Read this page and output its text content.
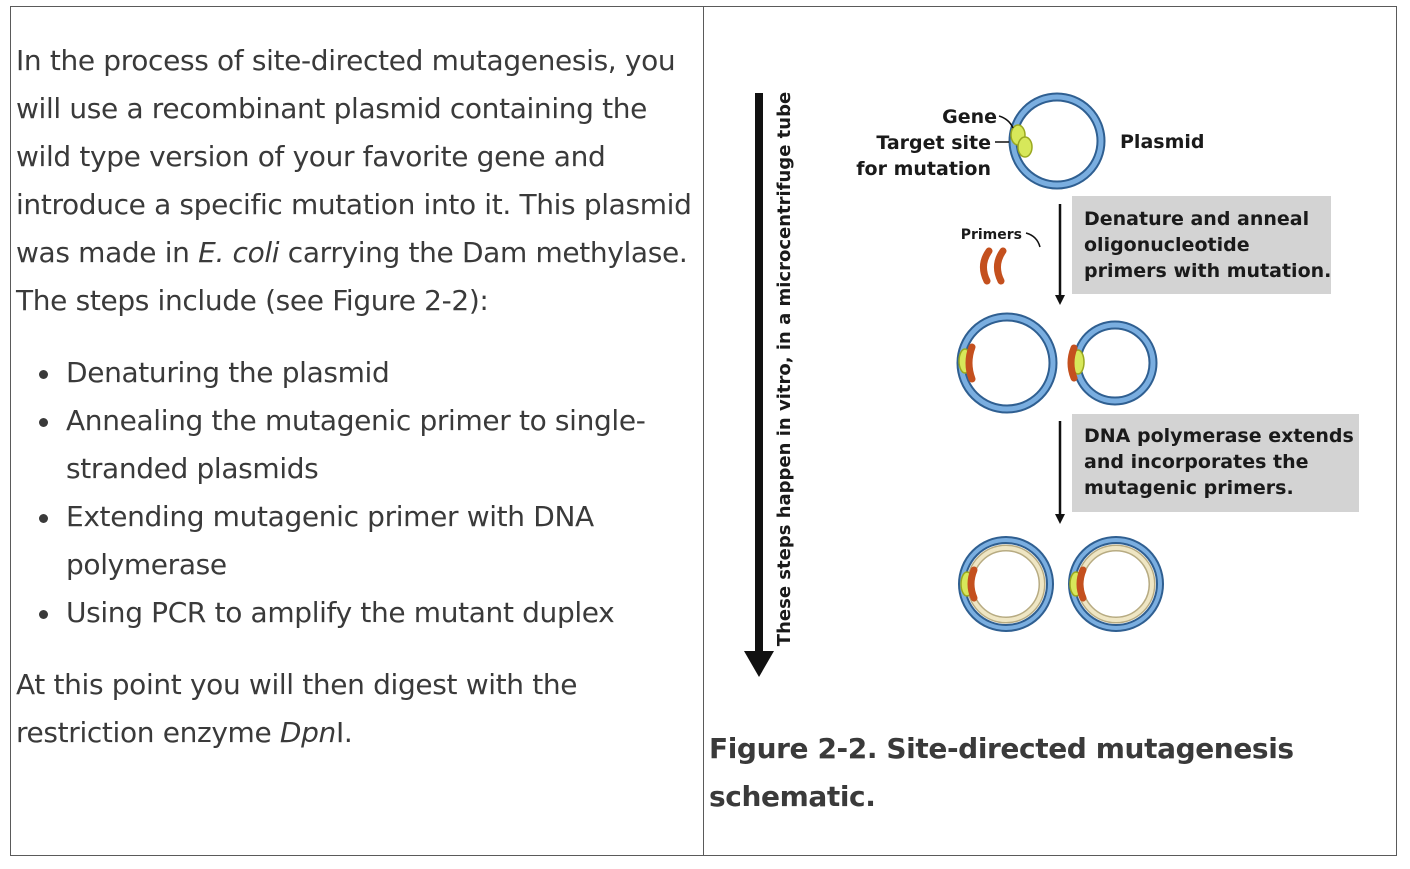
In the process of site-directed mutagenesis, you will use a recombinant plasmid containing the wild type version of your favorite gene and introduce a specific mutation into it. This plasmid was made in E. coli carrying the Dam methylase. The steps include (see Figure 2-2):

Denaturing the plasmid
Annealing the mutagenic primer to single-stranded plasmids
Extending mutagenic primer with DNA polymerase
Using PCR to amplify the mutant duplex

At this point you will then digest with the restriction enzyme DpnI.

These steps happen in vitro, in a microcentrifuge tube	Gene
Target site
for mutation
Plasmid
Primers
Denature and anneal
oligonucleotide
primers with mutation.
DNA polymerase extends
and incorporates the
mutagenic primers.

Figure 2-2. Site-directed mutagenesis schematic.
